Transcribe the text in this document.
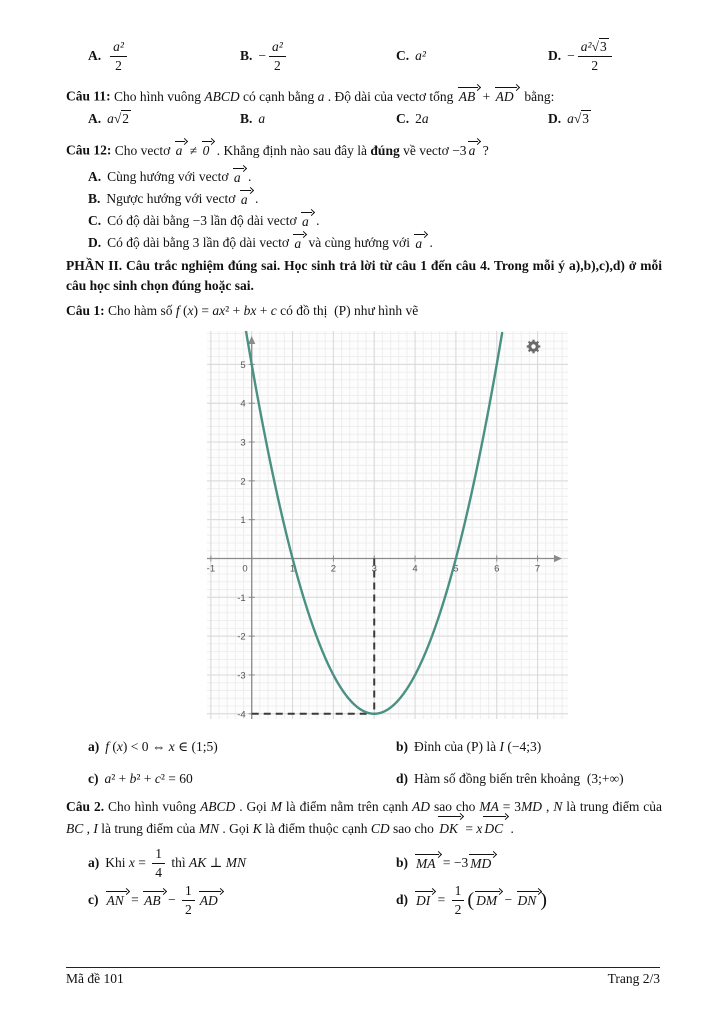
A. $\frac{\text{a²}}{2}$	B. − $\frac{\text{a²}}{2}$	C. a²	D. − $\frac{\text{a²√3}}{2}$
Câu 11: Cho hình vuông ABCD có cạnh bằng a . Độ dài của vectơ tổng AB + AD bằng:
A. a √2	B. a	C. 2 a	D. a √3
Câu 12: Cho vectơ a ≠ 0 . Khẳng định nào sau đây là đúng về vectơ −3 a ?
A. Cùng hướng với vectơ a .
B. Ngược hướng với vectơ a .
C. Có độ dài bằng −3 lần độ dài vectơ a .
D. Có độ dài bằng 3 lần độ dài vectơ a và cùng hướng với a .
PHẦN II. Câu trắc nghiệm đúng sai. Học sinh trả lời từ câu 1 đến câu 4. Trong mỗi ý a),b),c),d) ở mỗi câu học sinh chọn đúng hoặc sai.
Câu 1: Cho hàm số f ( x ) = ax ² + bx + c có đồ thị  (P) như hình vẽ
-1	0	1	2	3	4	5	6	7
-4
-3
-2
-1
1
2
3
4
5
a) f ( x ) < 0 ⇔ x ∈ (1;5)	b) Đỉnh của (P) là I (−4;3)
c) a ² + b ² + c ² = 60	d) Hàm số đồng biến trên khoảng  (3;+∞)
Câu 2. Cho hình vuông ABCD . Gọi M là điểm nằm trên cạnh AD sao cho MA = 3MD , N là trung điểm của BC , I là trung điểm của MN . Gọi K là điểm thuộc cạnh CD sao cho DK = x DC .
a) Khi $x = \frac{1}{4}$ thì AK ⊥ MN	b) MA = −3 MD
c) AN = AB − $\frac{1}{2}$ AD	d) DI = $\frac{1}{2}$ ( DM − DN )
Mã đề 101	Trang 2/3
